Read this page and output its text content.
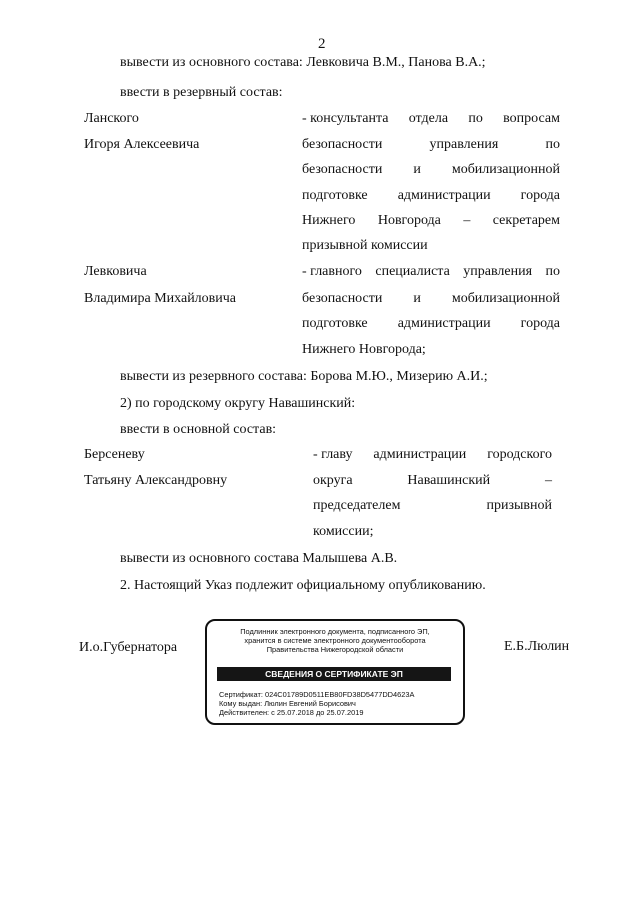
2
вывести из основного состава: Левковича В.М., Панова В.А.;
ввести в резервный состав:
Ланского
Игоря Алексеевича
- консультанта отдела по вопросам
безопасности	управления	по
безопасности и мобилизационной
подготовке администрации города
Нижнего Новгорода – секретарем
призывной комиссии
Левковича
Владимира Михайловича
- главного специалиста управления по
безопасности и мобилизационной
подготовке администрации города
Нижнего Новгорода;
вывести из резервного состава: Борова М.Ю., Мизерию А.И.;
2) по городскому округу Навашинский:
ввести в основной состав:
Берсеневу
Татьяну Александровну
- главу администрации городского
округа	Навашинский	–
председателем	призывной
комиссии;
вывести из основного состава Малышева А.В.
2. Настоящий Указ подлежит официальному опубликованию.
И.о.Губернатора	Е.Б.Люлин
Подлинник электронного документа, подписанного ЭП,
хранится в системе электронного документооборота
Правительства Нижегородской области
СВЕДЕНИЯ О СЕРТИФИКАТЕ ЭП
Сертификат: 024C01789D0511EB80FD38D5477DD4623A
Кому выдан: Люлин Евгений Борисович
Действителен: с 25.07.2018 до 25.07.2019
